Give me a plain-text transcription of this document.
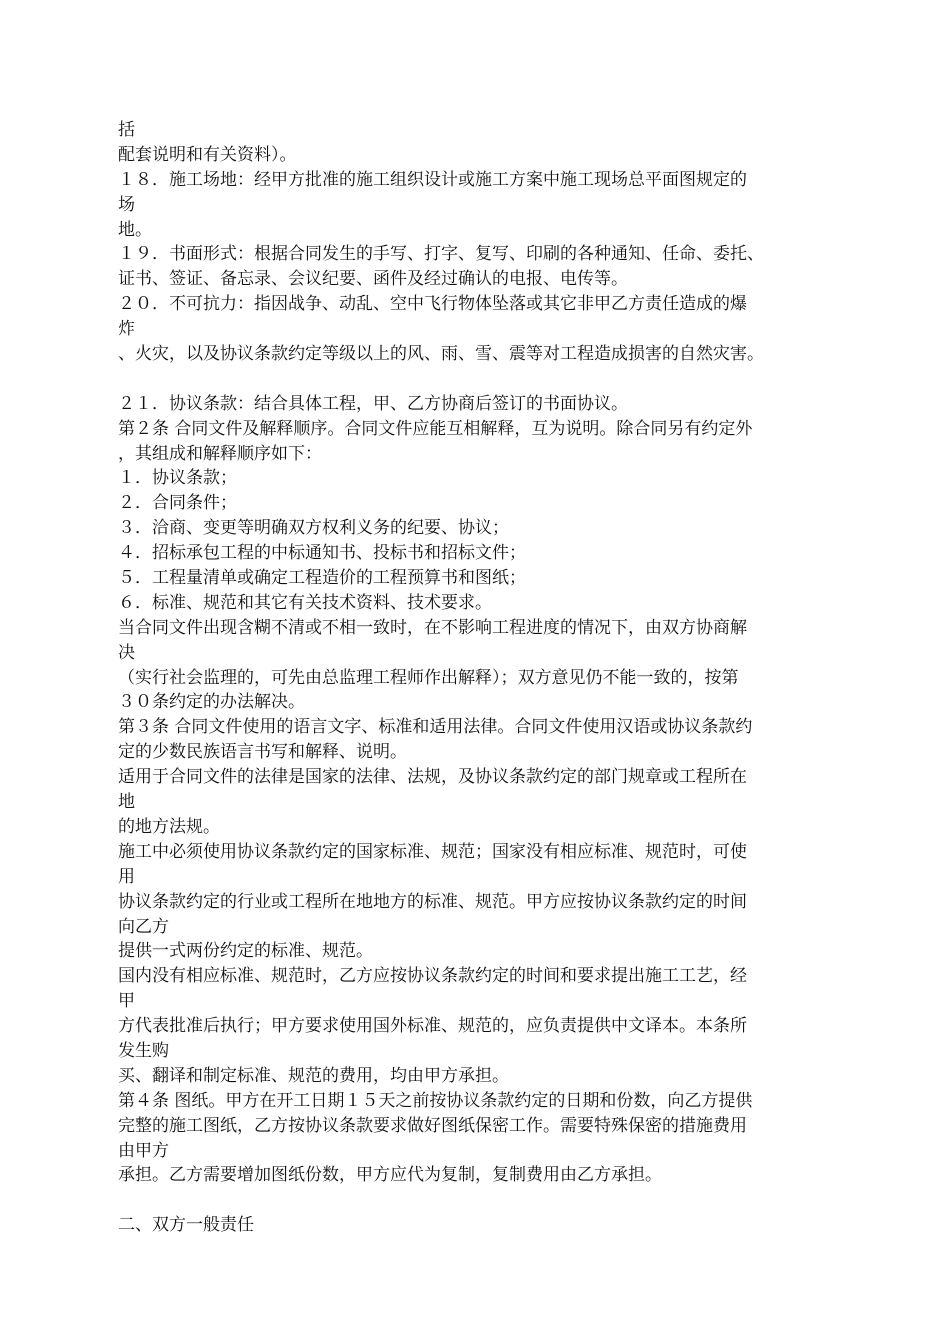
括
配套说明和有关资料）。
１８．施工场地：经甲方批准的施工组织设计或施工方案中施工现场总平面图规定的
场
地。
１９．书面形式：根据合同发生的手写、打字、复写、印刷的各种通知、任命、委托、
证书、签证、备忘录、会议纪要、函件及经过确认的电报、电传等。
２０．不可抗力：指因战争、动乱、空中飞行物体坠落或其它非甲乙方责任造成的爆
炸
、火灾，以及协议条款约定等级以上的风、雨、雪、震等对工程造成损害的自然灾害。
２１．协议条款：结合具体工程，甲、乙方协商后签订的书面协议。
第２条 合同文件及解释顺序。合同文件应能互相解释，互为说明。除合同另有约定外
，其组成和解释顺序如下：
１．协议条款；
２．合同条件；
３．洽商、变更等明确双方权利义务的纪要、协议；
４．招标承包工程的中标通知书、投标书和招标文件；
５．工程量清单或确定工程造价的工程预算书和图纸；
６．标准、规范和其它有关技术资料、技术要求。
当合同文件出现含糊不清或不相一致时，在不影响工程进度的情况下，由双方协商解
决
（实行社会监理的，可先由总监理工程师作出解释）；双方意见仍不能一致的，按第
３０条约定的办法解决。
第３条 合同文件使用的语言文字、标准和适用法律。合同文件使用汉语或协议条款约
定的少数民族语言书写和解释、说明。
适用于合同文件的法律是国家的法律、法规，及协议条款约定的部门规章或工程所在
地
的地方法规。
施工中必须使用协议条款约定的国家标准、规范；国家没有相应标准、规范时，可使
用
协议条款约定的行业或工程所在地地方的标准、规范。甲方应按协议条款约定的时间
向乙方
提供一式两份约定的标准、规范。
国内没有相应标准、规范时，乙方应按协议条款约定的时间和要求提出施工工艺，经
甲
方代表批准后执行；甲方要求使用国外标准、规范的，应负责提供中文译本。本条所
发生购
买、翻译和制定标准、规范的费用，均由甲方承担。
第４条 图纸。甲方在开工日期１５天之前按协议条款约定的日期和份数，向乙方提供
完整的施工图纸，乙方按协议条款要求做好图纸保密工作。需要特殊保密的措施费用
由甲方
承担。乙方需要增加图纸份数，甲方应代为复制，复制费用由乙方承担。
二、双方一般责任
